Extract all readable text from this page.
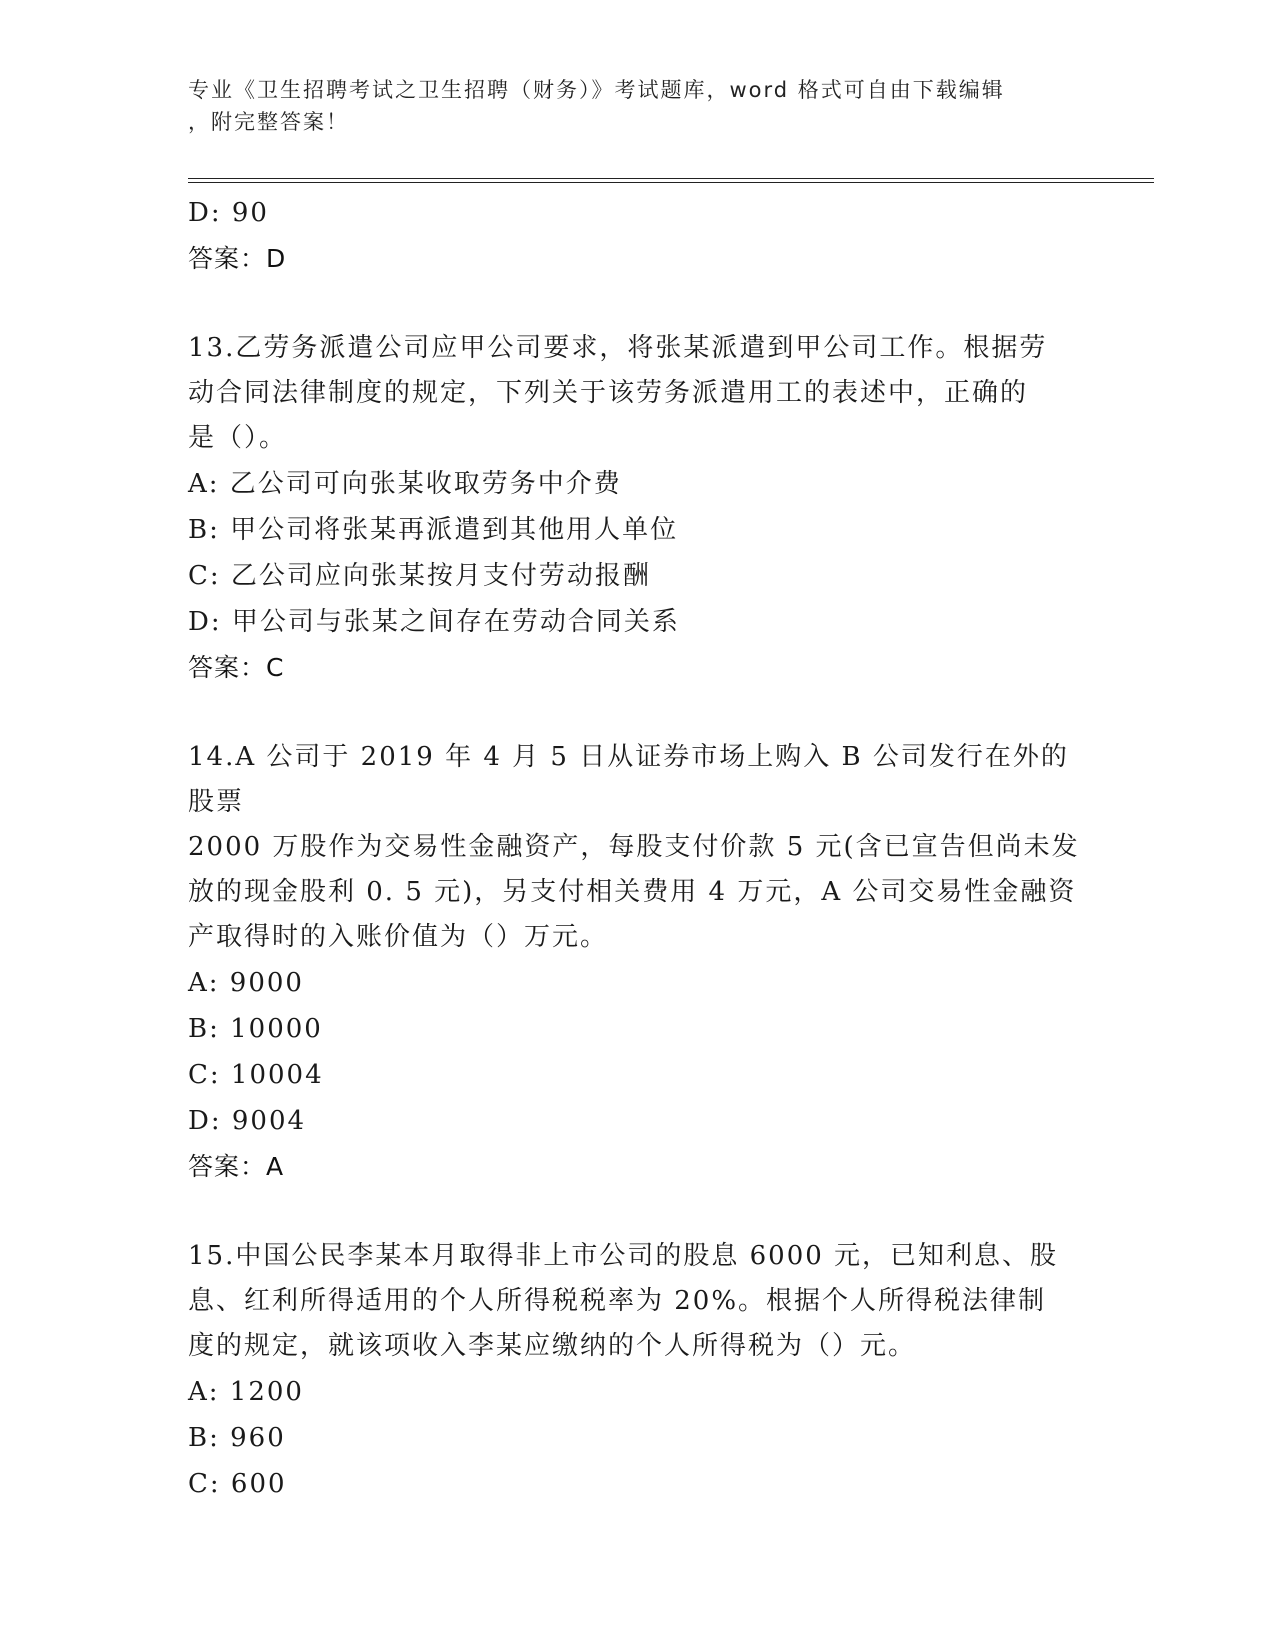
专业《卫生招聘考试之卫生招聘（财务）》考试题库，word 格式可自由下载编辑
，附完整答案！
D: 90
答案：D
13.乙劳务派遣公司应甲公司要求，将张某派遣到甲公司工作。根据劳
动合同法律制度的规定，下列关于该劳务派遣用工的表述中，正确的
是（）。
A: 乙公司可向张某收取劳务中介费
B: 甲公司将张某再派遣到其他用人单位
C: 乙公司应向张某按月支付劳动报酬
D: 甲公司与张某之间存在劳动合同关系
答案：C
14.A 公司于 2019 年 4 月 5 日从证券市场上购入 B 公司发行在外的股票
2000 万股作为交易性金融资产，每股支付价款 5 元(含已宣告但尚未发
放的现金股利 0. 5 元)，另支付相关费用 4 万元，A 公司交易性金融资
产取得时的入账价值为（）万元。
A: 9000
B: 10000
C: 10004
D: 9004
答案：A
15.中国公民李某本月取得非上市公司的股息 6000 元，已知利息、股
息、红利所得适用的个人所得税税率为 20%。根据个人所得税法律制
度的规定，就该项收入李某应缴纳的个人所得税为（）元。
A: 1200
B: 960
C: 600
